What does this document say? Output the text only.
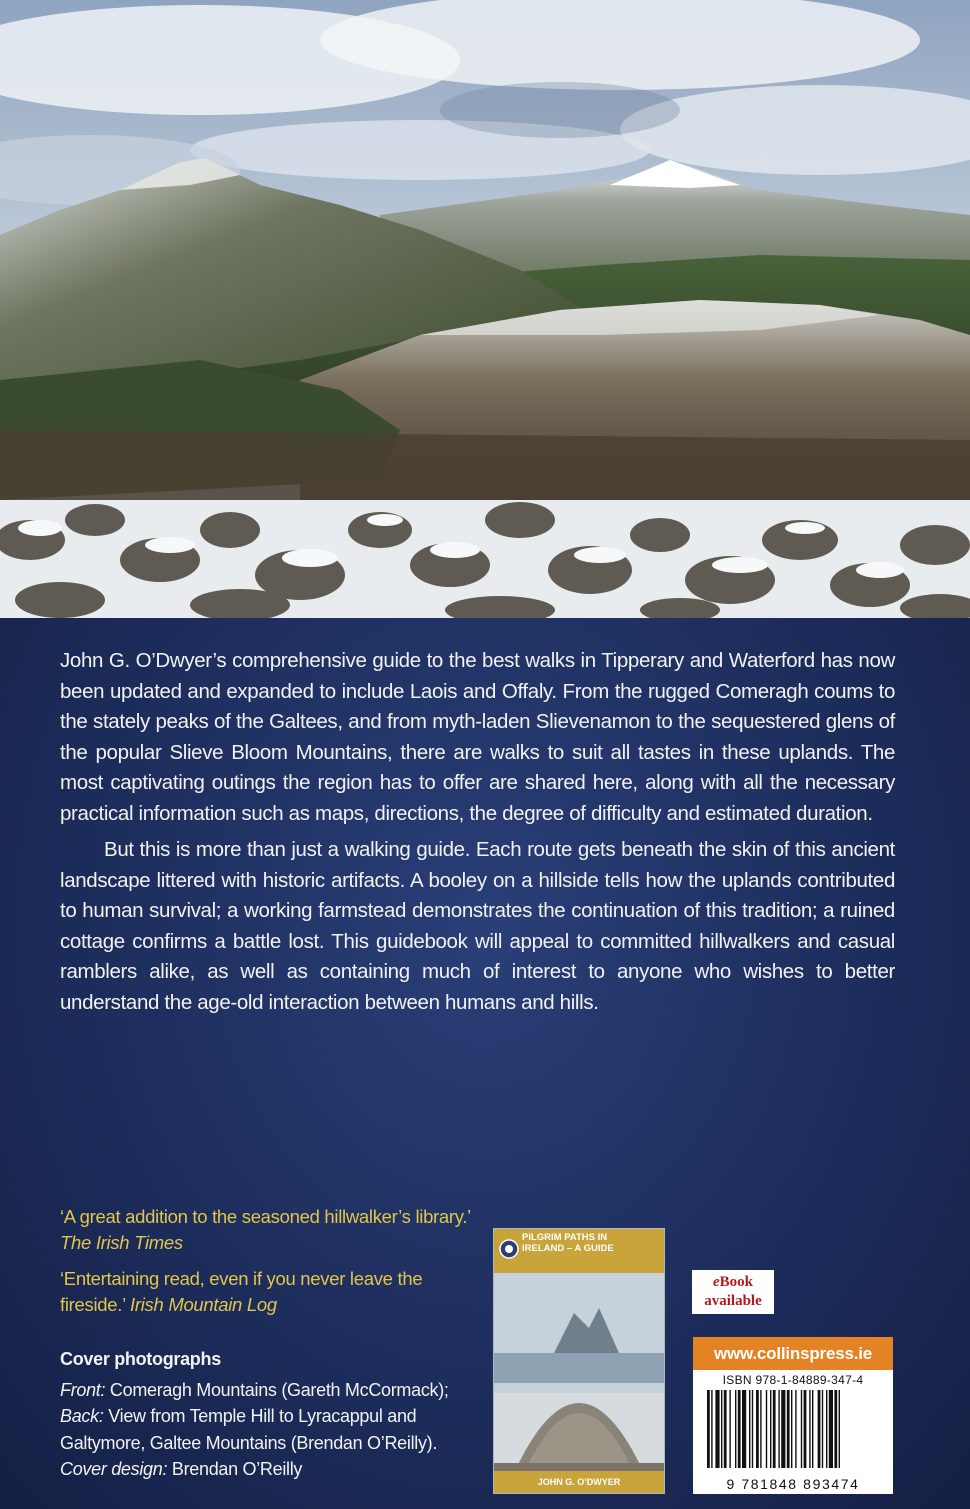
John G. O’Dwyer’s comprehensive guide to the best walks in Tipperary and Waterford has now been updated and expanded to include Laois and Offaly. From the rugged Comeragh coums to the stately peaks of the Galtees, and from myth-laden Slievenamon to the sequestered glens of the popular Slieve Bloom Mountains, there are walks to suit all tastes in these uplands. The most captivating outings the region has to offer are shared here, along with all the necessary practical information such as maps, directions, the degree of difficulty and estimated duration.

But this is more than just a walking guide. Each route gets beneath the skin of this ancient landscape littered with historic artifacts. A booley on a hillside tells how the uplands contributed to human survival; a working farmstead demonstrates the continuation of this tradition; a ruined cottage confirms a battle lost. This guidebook will appeal to committed hillwalkers and casual ramblers alike, as well as containing much of interest to anyone who wishes to better understand the age-old interaction between humans and hills.

‘A great addition to the seasoned hillwalker’s library.’ The Irish Times

‘Entertaining read, even if you never leave the fireside.’ Irish Mountain Log

Cover photographs
Front: Comeragh Mountains (Gareth McCormack);
Back: View from Temple Hill to Lyracappul and Galtymore, Galtee Mountains (Brendan O’Reilly).
Cover design: Brendan O’Reilly
PILGRIM PATHS IN IRELAND – A GUIDE
JOHN G. O’DWYER
eBook
available
www.collinspress.ie
ISBN 978-1-84889-347-4
9 781848 893474
